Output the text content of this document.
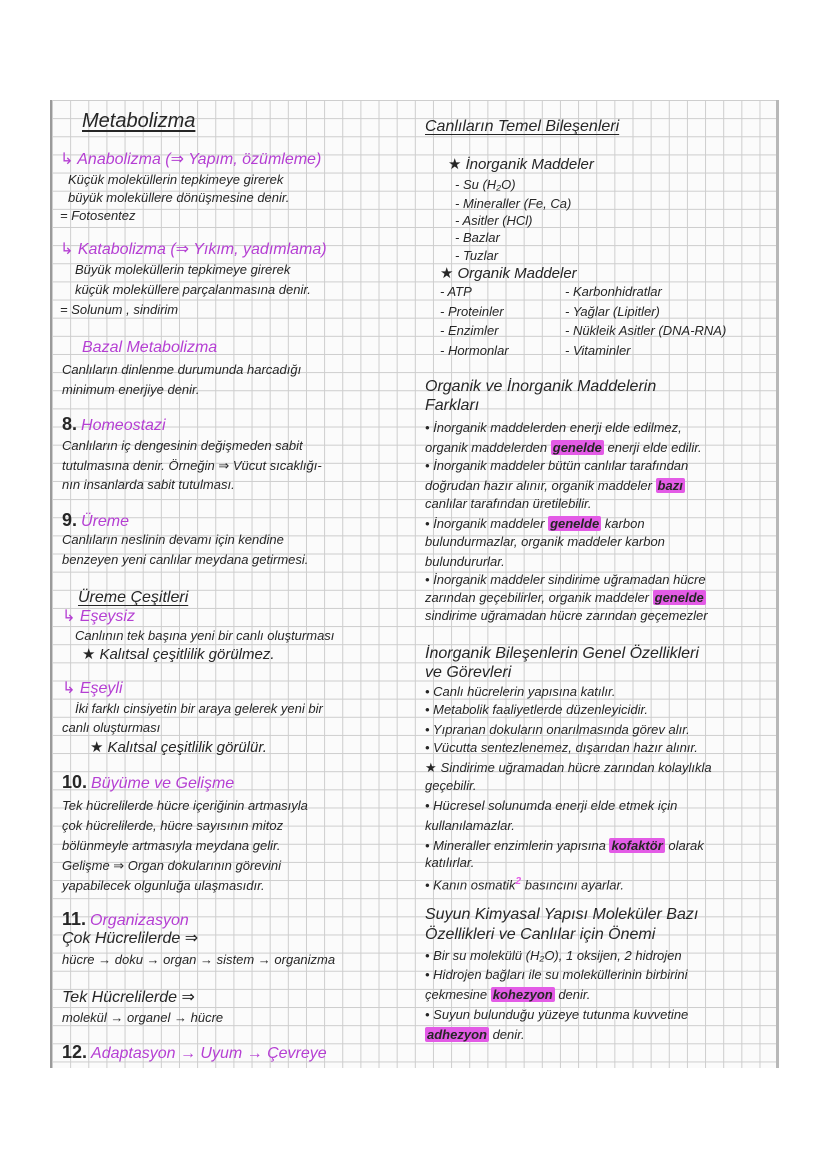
Metabolizma
↳ Anabolizma (⇒ Yapım, özümleme)
Küçük moleküllerin tepkimeye girerek
büyük moleküllere dönüşmesine denir.
= Fotosentez
↳ Katabolizma (⇒ Yıkım, yadımlama)
Büyük moleküllerin tepkimeye girerek
küçük moleküllere parçalanmasına denir.
= Solunum , sindirim
Bazal Metabolizma
Canlıların dinlenme durumunda harcadığı
minimum enerjiye denir.
8. Homeostazi
Canlıların iç dengesinin değişmeden sabit
tutulmasına denir. Örneğin ⇒ Vücut sıcaklığı-
nın insanlarda sabit tutulması.
9. Üreme
Canlıların neslinin devamı için kendine
benzeyen yeni canlılar meydana getirmesi.
Üreme Çeşitleri
↳ Eşeysiz
Canlının tek başına yeni bir canlı oluşturması
★ Kalıtsal çeşitlilik görülmez.
↳ Eşeyli
İki farklı cinsiyetin bir araya gelerek yeni bir
canlı oluşturması
★ Kalıtsal çeşitlilik görülür.
10. Büyüme ve Gelişme
Tek hücrelilerde hücre içeriğinin artmasıyla
çok hücrelilerde, hücre sayısının mitoz
bölünmeyle artmasıyla meydana gelir.
Gelişme ⇒ Organ dokularının görevini
yapabilecek olgunluğa ulaşmasıdır.
11. Organizasyon
Çok Hücrelilerde ⇒
hücre → doku → organ → sistem → organizma
Tek Hücrelilerde ⇒
molekül → organel → hücre
12. Adaptasyon → Uyum → Çevreye
Canlıların Temel Bileşenleri
★ İnorganik Maddeler
- Su (H₂O)
- Mineraller (Fe, Ca)
- Asitler (HCl)
- Bazlar
- Tuzlar
★ Organik Maddeler
- ATP
- Proteinler
- Enzimler
- Hormonlar
- Karbonhidratlar
- Yağlar (Lipitler)
- Nükleik Asitler (DNA-RNA)
- Vitaminler
Organik ve İnorganik Maddelerin
Farkları
• İnorganik maddelerden enerji elde edilmez,
organik maddelerden genelde enerji elde edilir.
• İnorganik maddeler bütün canlılar tarafından
doğrudan hazır alınır, organik maddeler bazı
canlılar tarafından üretilebilir.
• İnorganik maddeler genelde karbon
bulundurmazlar, organik maddeler karbon
bulundururlar.
• İnorganik maddeler sindirime uğramadan hücre
zarından geçebilirler, organik maddeler genelde
sindirime uğramadan hücre zarından geçemezler
İnorganik Bileşenlerin Genel Özellikleri
ve Görevleri
• Canlı hücrelerin yapısına katılır.
• Metabolik faaliyetlerde düzenleyicidir.
• Yıpranan dokuların onarılmasında görev alır.
• Vücutta sentezlenemez, dışarıdan hazır alınır.
★ Sindirime uğramadan hücre zarından kolaylıkla
geçebilir.
• Hücresel solunumda enerji elde etmek için
kullanılamazlar.
• Mineraller enzimlerin yapısına kofaktör olarak
katılırlar.
• Kanın osmatik$^2$ basıncını ayarlar.
Suyun Kimyasal Yapısı Moleküler Bazı
Özellikleri ve Canlılar için Önemi
• Bir su molekülü (H₂O), 1 oksijen, 2 hidrojen
• Hidrojen bağları ile su moleküllerinin birbirini
çekmesine kohezyon denir.
• Suyun bulunduğu yüzeye tutunma kuvvetine
adhezyon denir.
